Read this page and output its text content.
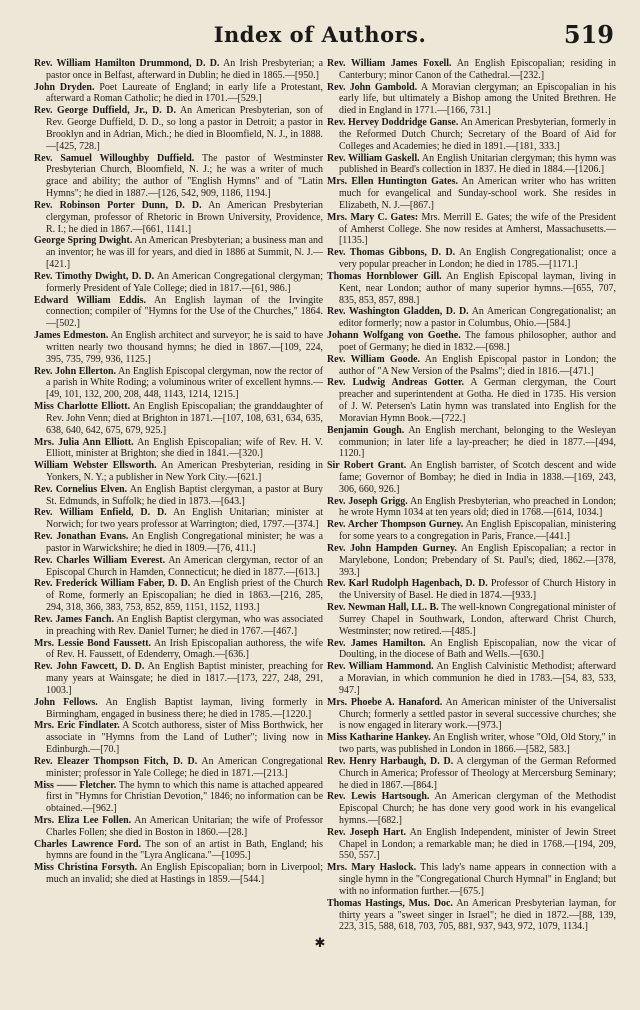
Index of Authors.	519

Rev. William Hamilton Drummond, D. D. An Irish Presbyterian; a pastor once in Belfast, afterward in Dublin; he died in 1865.—[950.]

John Dryden. Poet Laureate of England; in early life a Protestant, afterward a Roman Catholic; he died in 1701.—[529.]

Rev. George Duffield, Jr., D. D. An American Presbyterian, son of Rev. George Duffield, D. D., so long a pastor in Detroit; a pastor in Brooklyn and in Adrian, Mich.; he died in Bloomfield, N. J., in 1888.—[425, 728.]

Rev. Samuel Willoughby Duffield. The pastor of Westminster Presbyterian Church, Bloomfield, N. J.; he was a writer of much grace and ability; the author of "English Hymns" and of "Latin Hymns"; he died in 1887.—[126, 542, 909, 1186, 1194.]

Rev. Robinson Porter Dunn, D. D. An American Presbyterian clergyman, professor of Rhetoric in Brown University, Providence, R. I.; he died in 1867.—[661, 1141.]

George Spring Dwight. An American Presbyterian; a business man and an inventor; he was ill for years, and died in 1886 at Summit, N. J.—[421.]

Rev. Timothy Dwight, D. D. An American Congregational clergyman; formerly President of Yale College; died in 1817.—[61, 986.]

Edward William Eddis. An English layman of the Irvingite connection; compiler of "Hymns for the Use of the Churches," 1864.—[502.]

James Edmeston. An English architect and surveyor; he is said to have written nearly two thousand hymns; he died in 1867.—[109, 224, 395, 735, 799, 936, 1125.]

Rev. John Ellerton. An English Episcopal clergyman, now the rector of a parish in White Roding; a voluminous writer of excellent hymns.—[49, 101, 132, 200, 208, 448, 1143, 1214, 1215.]

Miss Charlotte Elliott. An English Episcopalian; the granddaughter of Rev. John Venn; died at Brighton in 1871.—[107, 108, 631, 634, 635, 638, 640, 642, 675, 679, 925.]

Mrs. Julia Ann Elliott. An English Episcopalian; wife of Rev. H. V. Elliott, minister at Brighton; she died in 1841.—[320.]

William Webster Ellsworth. An American Presbyterian, residing in Yonkers, N. Y.; a publisher in New York City.—[621.]

Rev. Cornelius Elven. An English Baptist clergyman, a pastor at Bury St. Edmunds, in Suffolk; he died in 1873.—[643.]

Rev. William Enfield, D. D. An English Unitarian; minister at Norwich; for two years professor at Warrington; died, 1797.—[374.]

Rev. Jonathan Evans. An English Congregational minister; he was a pastor in Warwickshire; he died in 1809.—[76, 411.]

Rev. Charles William Everest. An American clergyman, rector of an Episcopal Church in Hamden, Connecticut; he died in 1877.—[613.]

Rev. Frederick William Faber, D. D. An English priest of the Church of Rome, formerly an Episcopalian; he died in 1863.—[216, 285, 294, 318, 366, 383, 753, 852, 859, 1151, 1152, 1193.]

Rev. James Fanch. An English Baptist clergyman, who was associated in preaching with Rev. Daniel Turner; he died in 1767.—[467.]

Mrs. Lessie Bond Faussett. An Irish Episcopalian authoress, the wife of Rev. H. Faussett, of Edenderry, Omagh.—[636.]

Rev. John Fawcett, D. D. An English Baptist minister, preaching for many years at Wainsgate; he died in 1817.—[173, 227, 248, 291, 1003.]

John Fellows. An English Baptist layman, living formerly in Birmingham, engaged in business there; he died in 1785.—[1220.]

Mrs. Eric Findlater. A Scotch authoress, sister of Miss Borthwick, her associate in "Hymns from the Land of Luther"; living now in Edinburgh.—[70.]

Rev. Eleazer Thompson Fitch, D. D. An American Congregational minister; professor in Yale College; he died in 1871.—[213.]

Miss —— Fletcher. The hymn to which this name is attached appeared first in "Hymns for Christian Devotion," 1846; no information can be obtained.—[962.]

Mrs. Eliza Lee Follen. An American Unitarian; the wife of Professor Charles Follen; she died in Boston in 1860.—[28.]

Charles Lawrence Ford. The son of an artist in Bath, England; his hymns are found in the "Lyra Anglicana."—[1095.]

Miss Christina Forsyth. An English Episcopalian; born in Liverpool; much an invalid; she died at Hastings in 1859.—[544.]

Rev. William James Foxell. An English Episcopalian; residing in Canterbury; minor Canon of the Cathedral.—[232.]

Rev. John Gambold. A Moravian clergyman; an Episcopalian in his early life, but ultimately a Bishop among the United Brethren. He died in England in 1771.—[166, 731.]

Rev. Hervey Doddridge Ganse. An American Presbyterian, formerly in the Reformed Dutch Church; Secretary of the Board of Aid for Colleges and Academies; he died in 1891.—[181, 333.]

Rev. William Gaskell. An English Unitarian clergyman; this hymn was published in Beard's collection in 1837. He died in 1884.—[1206.]

Mrs. Ellen Huntington Gates. An American writer who has written much for evangelical and Sunday-school work. She resides in Elizabeth, N. J.—[867.]

Mrs. Mary C. Gates: Mrs. Merrill E. Gates; the wife of the President of Amherst College. She now resides at Amherst, Massachusetts.—[1135.]

Rev. Thomas Gibbons, D. D. An English Congregationalist; once a very popular preacher in London; he died in 1785.—[1171.]

Thomas Hornblower Gill. An English Episcopal layman, living in Kent, near London; author of many superior hymns.—[655, 707, 835, 853, 857, 898.]

Rev. Washington Gladden, D. D. An American Congregationalist; an editor formerly; now a pastor in Columbus, Ohio.—[584.]

Johann Wolfgang von Goethe. The famous philosopher, author and poet of Germany; he died in 1832.—[698.]

Rev. William Goode. An English Episcopal pastor in London; the author of "A New Version of the Psalms"; died in 1816.—[471.]

Rev. Ludwig Andreas Gotter. A German clergyman, the Court preacher and superintendent at Gotha. He died in 1735. His version of J. W. Petersen's Latin hymn was translated into English for the Moravian Hymn Book.—[722.]

Benjamin Gough. An English merchant, belonging to the Wesleyan communion; in later life a lay-preacher; he died in 1877.—[494, 1120.]

Sir Robert Grant. An English barrister, of Scotch descent and wide fame; Governor of Bombay; he died in India in 1838.—[169, 243, 306, 660, 926.]

Rev. Joseph Grigg. An English Presbyterian, who preached in London; he wrote Hymn 1034 at ten years old; died in 1768.—[614, 1034.]

Rev. Archer Thompson Gurney. An English Episcopalian, ministering for some years to a congregation in Paris, France.—[441.]

Rev. John Hampden Gurney. An English Episcopalian; a rector in Marylebone, London; Prebendary of St. Paul's; died, 1862.—[378, 393.]

Rev. Karl Rudolph Hagenbach, D. D. Professor of Church History in the University of Basel. He died in 1874.—[933.]

Rev. Newman Hall, LL. B. The well-known Congregational minister of Surrey Chapel in Southwark, London, afterward Christ Church, Westminster; now retired.—[485.]

Rev. James Hamilton. An English Episcopalian, now the vicar of Doulting, in the diocese of Bath and Wells.—[630.]

Rev. William Hammond. An English Calvinistic Methodist; afterward a Moravian, in which communion he died in 1783.—[54, 83, 533, 947.]

Mrs. Phoebe A. Hanaford. An American minister of the Universalist Church; formerly a settled pastor in several successive churches; she is now engaged in literary work.—[973.]

Miss Katharine Hankey. An English writer, whose "Old, Old Story," in two parts, was published in London in 1866.—[582, 583.]

Rev. Henry Harbaugh, D. D. A clergyman of the German Reformed Church in America; Professor of Theology at Mercersburg Seminary; he died in 1867.—[864.]

Rev. Lewis Hartsough. An American clergyman of the Methodist Episcopal Church; he has done very good work in his evangelical hymns.—[682.]

Rev. Joseph Hart. An English Independent, minister of Jewin Street Chapel in London; a remarkable man; he died in 1768.—[194, 209, 550, 557.]

Mrs. Mary Haslock. This lady's name appears in connection with a single hymn in the "Congregational Church Hymnal" in England; but with no information further.—[675.]

Thomas Hastings, Mus. Doc. An American Presbyterian layman, for thirty years a "sweet singer in Israel"; he died in 1872.—[88, 139, 223, 315, 588, 618, 703, 705, 881, 937, 943, 972, 1079, 1134.]

✱
